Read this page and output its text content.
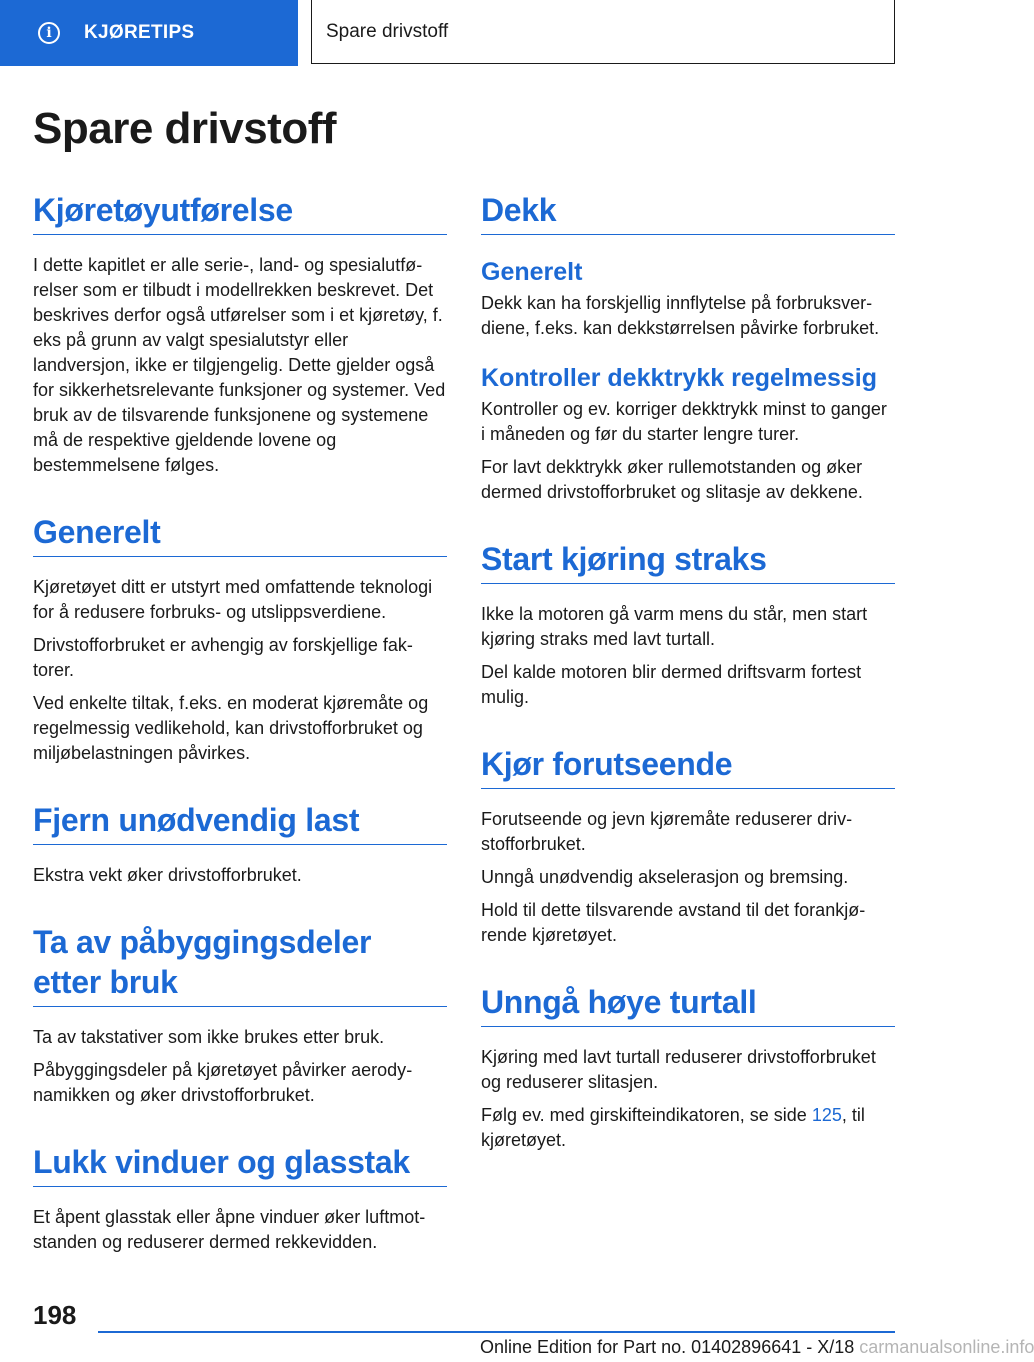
i	KJØRETIPS	Spare drivstoff
Spare drivstoff
Kjøretøyutførelse

I dette kapitlet er alle serie-, land- og spesialutførelser som er tilbudt i modellrekken beskrevet. Det beskrives derfor også utførelser som i et kjøretøy, f. eks på grunn av valgt spesialutstyr eller landversjon, ikke er tilgjengelig. Dette gjelder også for sikkerhetsrelevante funksjoner og systemer. Ved bruk av de tilsvarende funksjonene og systemene må de respektive gjeldende lovene og bestemmelsene følges.

Generelt

Kjøretøyet ditt er utstyrt med omfattende teknologi for å redusere forbruks- og utslippsverdiene.

Drivstofforbruket er avhengig av forskjellige faktorer.

Ved enkelte tiltak, f.eks. en moderat kjøremåte og regelmessig vedlikehold, kan drivstofforbruket og miljøbelastningen påvirkes.

Fjern unødvendig last

Ekstra vekt øker drivstofforbruket.

Ta av påbyggingsdeler etter bruk

Ta av takstativer som ikke brukes etter bruk.

Påbyggingsdeler på kjøretøyet påvirker aerodynamikken og øker drivstofforbruket.

Lukk vinduer og glasstak

Et åpent glasstak eller åpne vinduer øker luftmotstanden og reduserer dermed rekkevidden.

Dekk
Generelt

Dekk kan ha forskjellig innflytelse på forbruksverdiene, f.eks. kan dekkstørrelsen påvirke forbruket.

Kontroller dekktrykk regelmessig

Kontroller og ev. korriger dekktrykk minst to ganger i måneden og før du starter lengre turer.

For lavt dekktrykk øker rullemotstanden og øker dermed drivstofforbruket og slitasje av dekkene.

Start kjøring straks

Ikke la motoren gå varm mens du står, men start kjøring straks med lavt turtall.

Del kalde motoren blir dermed driftsvarm fortest mulig.

Kjør forutseende

Forutseende og jevn kjøremåte reduserer drivstofforbruket.

Unngå unødvendig akselerasjon og bremsing.

Hold til dette tilsvarende avstand til det forankjørende kjøretøyet.

Unngå høye turtall

Kjøring med lavt turtall reduserer drivstofforbruket og reduserer slitasjen.

Følg ev. med girskifteindikatoren, se side 125, til kjøretøyet.

198
Online Edition for Part no. 01402896641 - X/18 carmanualsonline.info
